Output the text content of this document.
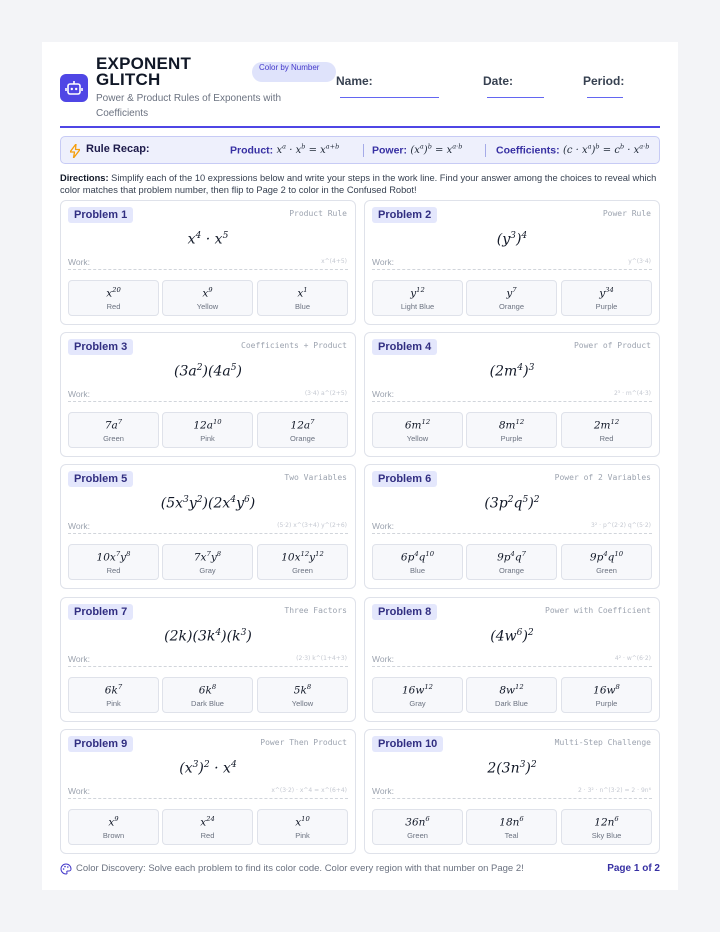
EXPONENT
GLITCH
Color by Number
Power & Product Rules of Exponents with Coefficients
Name:	Date:	Period:
Rule Recap:	Product: $x^a \cdot x^b = x^{a+b}$	Power: $(x^a)^b = x^{a\cdot b}$	Coefficients: $(c \cdot x^a)^b = c^b \cdot x^{a\cdot b}$
Directions: Simplify each of the 10 expressions below and write your steps in the work line. Find your answer among the choices to reveal which color matches that problem number, then flip to Page 2 to color in the Confused Robot!
Problem 1	Product Rule
$x^4 \cdot x^5$
Work:	x^(4+5)
$x^{20}$
Red
$x^9$
Yellow
$x^1$
Blue
Problem 2	Power Rule
$(y^3)^4$
Work:	y^(3·4)
$y^{12}$
Light Blue
$y^7$
Orange
$y^{34}$
Purple
Problem 3	Coefficients + Product
$(3a^2)(4a^5)$
Work:	(3·4) a^(2+5)
$7a^7$
Green
$12a^{10}$
Pink
$12a^7$
Orange
Problem 4	Power of Product
$(2m^4)^3$
Work:	2³ · m^(4·3)
$6m^{12}$
Yellow
$8m^{12}$
Purple
$2m^{12}$
Red
Problem 5	Two Variables
$(5x^3y^2)(2x^4y^6)$
Work:	(5·2) x^(3+4) y^(2+6)
$10x^7y^8$
Red
$7x^7y^8$
Gray
$10x^{12}y^{12}$
Green
Problem 6	Power of 2 Variables
$(3p^2q^5)^2$
Work:	3² · p^(2·2) q^(5·2)
$6p^4q^{10}$
Blue
$9p^4q^7$
Orange
$9p^4q^{10}$
Green
Problem 7	Three Factors
$(2k)(3k^4)(k^3)$
Work:	(2·3) k^(1+4+3)
$6k^7$
Pink
$6k^8$
Dark Blue
$5k^8$
Yellow
Problem 8	Power with Coefficient
$(4w^6)^2$
Work:	4² · w^(6·2)
$16w^{12}$
Gray
$8w^{12}$
Dark Blue
$16w^8$
Purple
Problem 9	Power Then Product
$(x^3)^2 \cdot x^4$
Work:	x^(3·2) · x^4 = x^(6+4)
$x^9$
Brown
$x^{24}$
Red
$x^{10}$
Pink
Problem 10	Multi-Step Challenge
$2(3n^3)^2$
Work:	2 · 3² · n^(3·2) = 2 · 9n⁶
$36n^6$
Green
$18n^6$
Teal
$12n^6$
Sky Blue
Color Discovery: Solve each problem to find its color code. Color every region with that number on Page 2!	Page 1 of 2
